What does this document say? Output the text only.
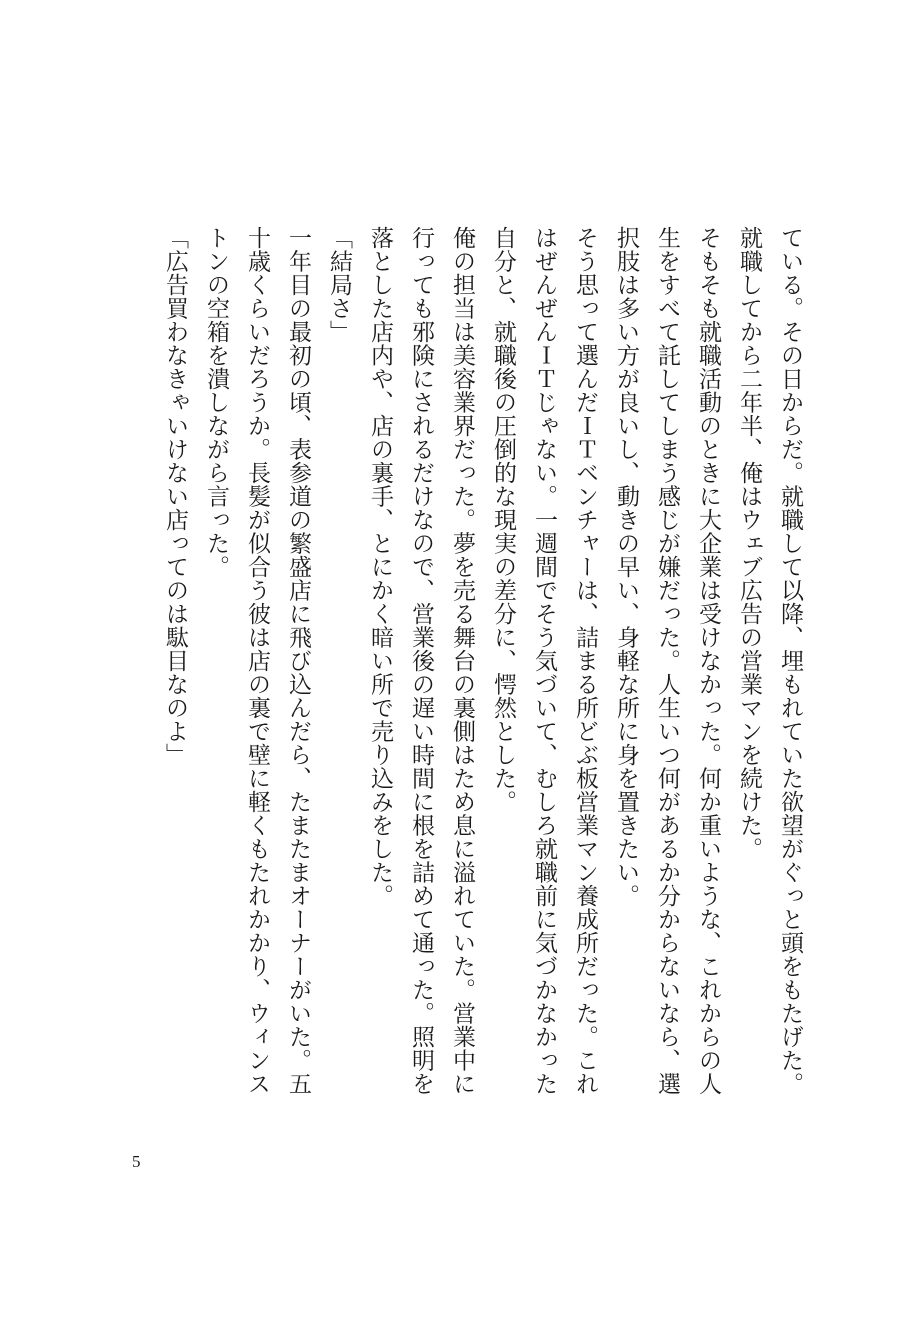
ている。その日からだ。就職して以降、埋もれていた欲望がぐっと頭をもたげた。

就職してから二年半、俺はウェブ広告の営業マンを続けた。

そもそも就職活動のときに大企業は受けなかった。何か重いような、これからの人生をすべて託してしまう感じが嫌だった。人生いつ何があるか分からないなら、選択肢は多い方が良いし、動きの早い、身軽な所に身を置きたい。

そう思って選んだＩＴベンチャーは、詰まる所どぶ板営業マン養成所だった。これはぜんぜんＩＴじゃない。一週間でそう気づいて、むしろ就職前に気づかなかった自分と、就職後の圧倒的な現実の差分に、愕然とした。

俺の担当は美容業界だった。夢を売る舞台の裏側はため息に溢れていた。営業中に行っても邪険にされるだけなので、営業後の遅い時間に根を詰めて通った。照明を落とした店内や、店の裏手、とにかく暗い所で売り込みをした。

「結局さ」

一年目の最初の頃、表参道の繁盛店に飛び込んだら、たまたまオーナーがいた。五十歳くらいだろうか。長髪が似合う彼は店の裏で壁に軽くもたれかかり、ウィンストンの空箱を潰しながら言った。

「広告買わなきゃいけない店ってのは駄目なのよ」

5
